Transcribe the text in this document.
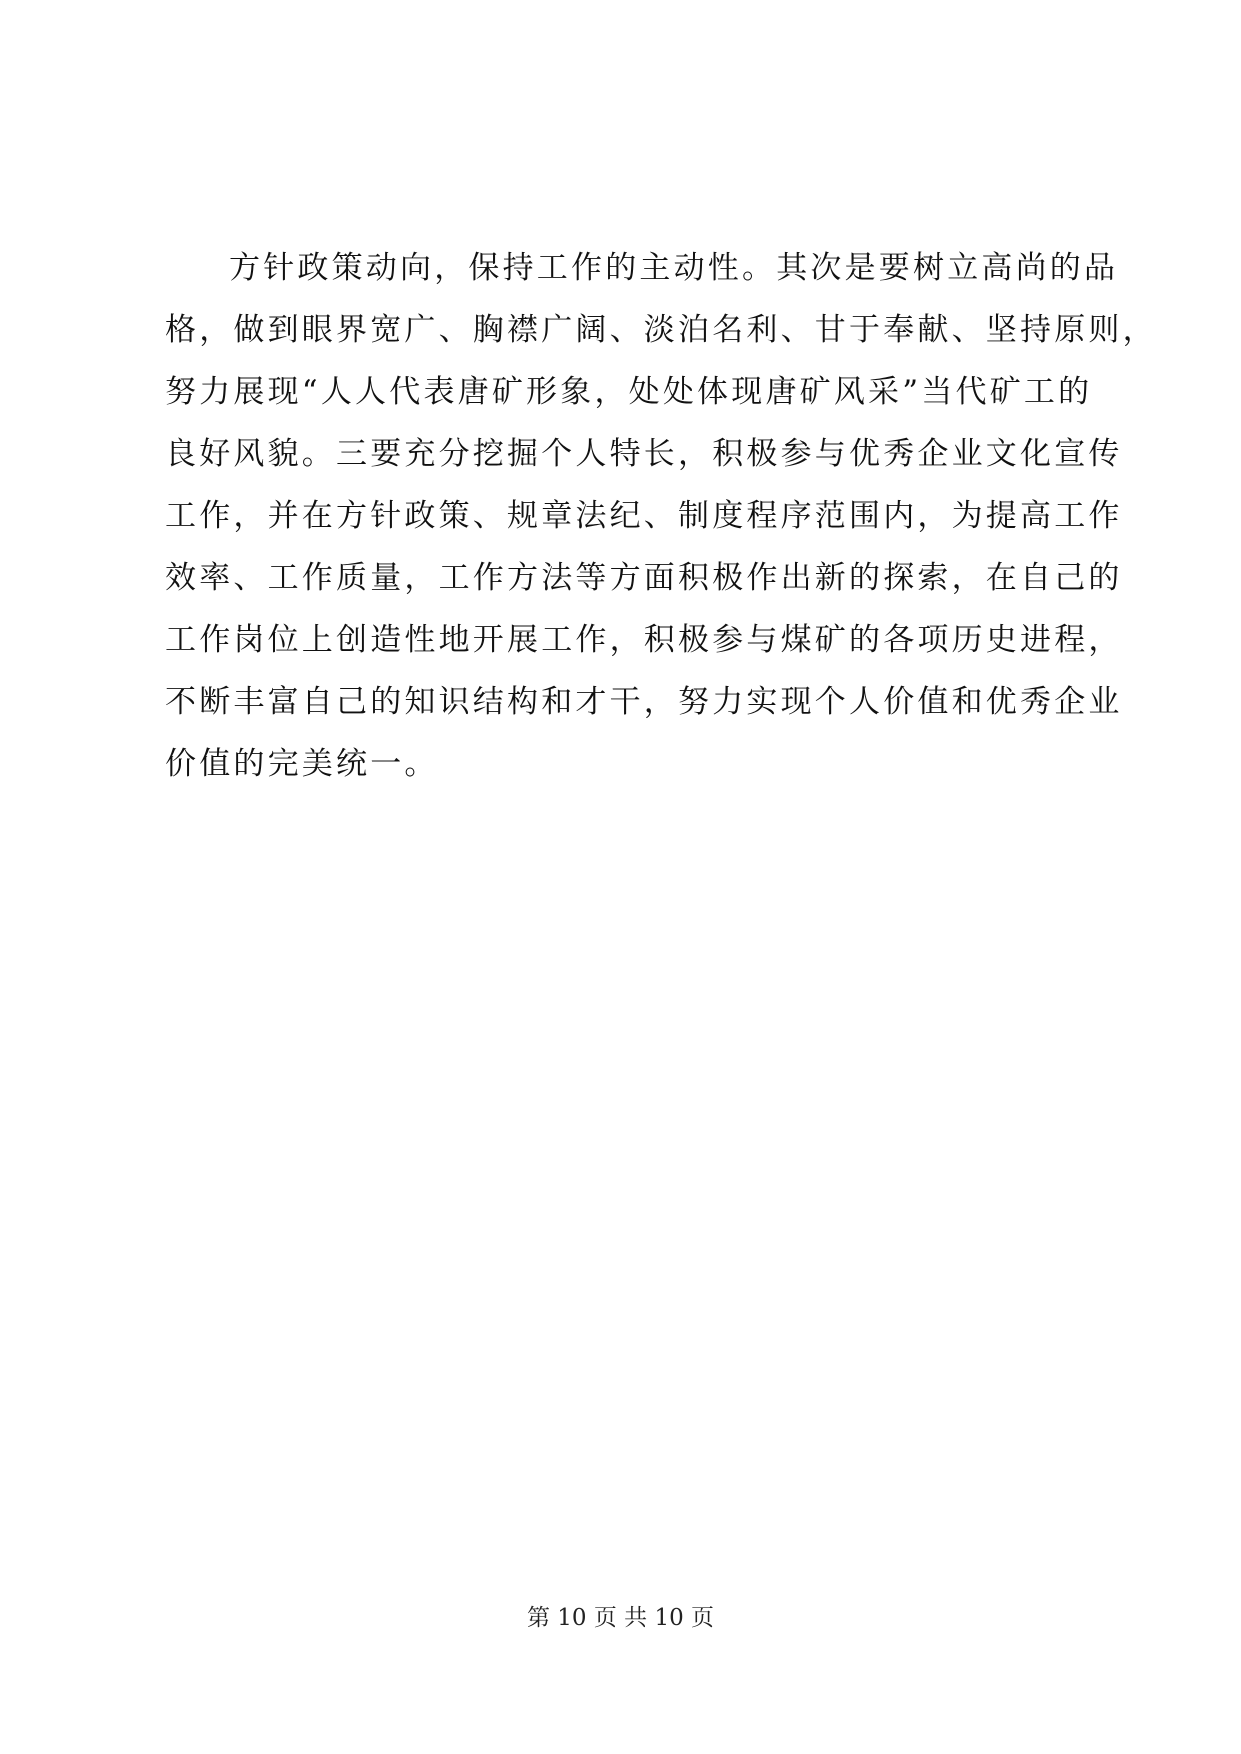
方针政策动向，保持工作的主动性。其次是要树立高尚的品
格，做到眼界宽广、胸襟广阔、淡泊名利、甘于奉献、坚持原则，
努力展现“人人代表唐矿形象，处处体现唐矿风采”当代矿工的
良好风貌。三要充分挖掘个人特长，积极参与优秀企业文化宣传
工作，并在方针政策、规章法纪、制度程序范围内，为提高工作
效率、工作质量，工作方法等方面积极作出新的探索，在自己的
工作岗位上创造性地开展工作，积极参与煤矿的各项历史进程，
不断丰富自己的知识结构和才干，努力实现个人价值和优秀企业
价值的完美统一。
第 10 页 共 10 页
